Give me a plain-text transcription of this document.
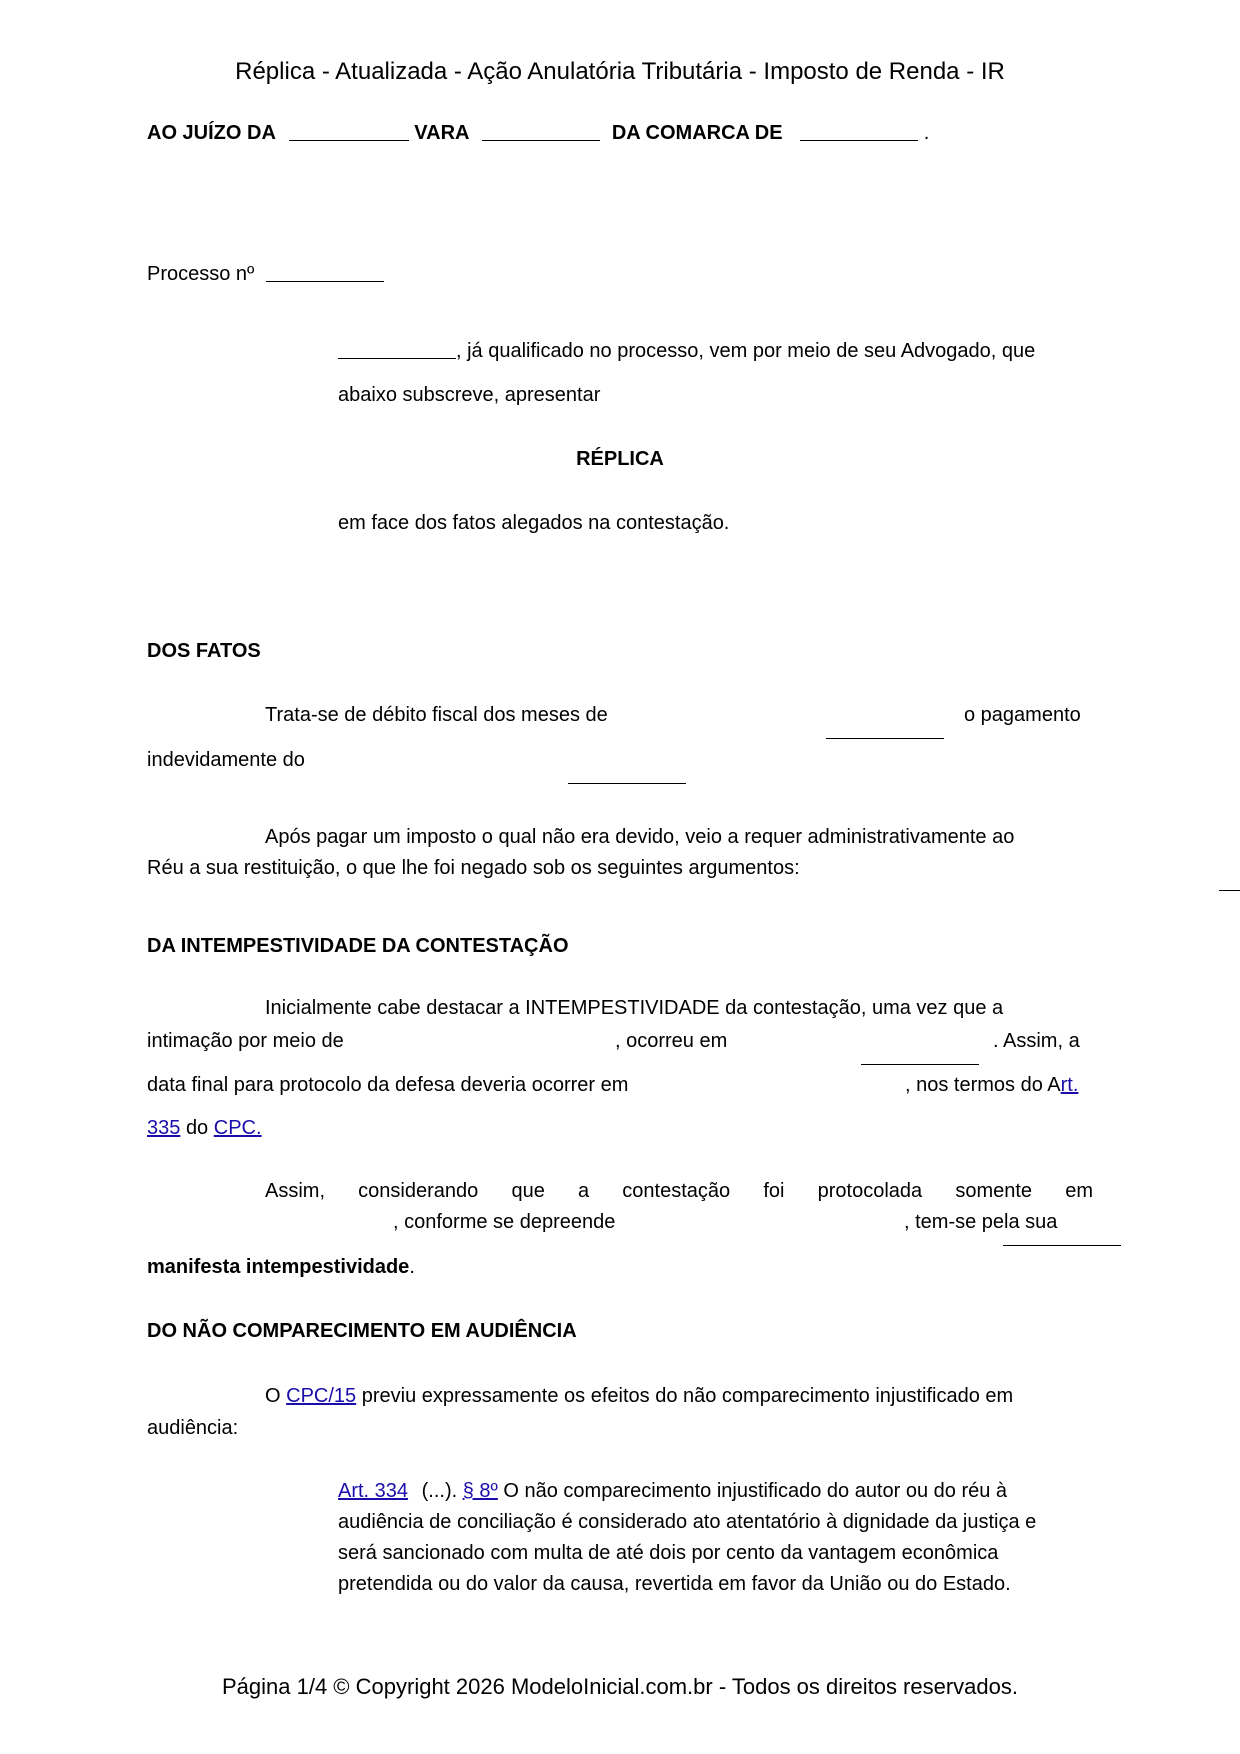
Réplica - Atualizada - Ação Anulatória Tributária - Imposto de Renda - IR
AO JUÍZO DA	VARA	DA COMARCA DE	.
Processo nº
, já qualificado no processo, vem por meio de seu Advogado, que
abaixo subscreve, apresentar
RÉPLICA
em face dos fatos alegados na contestação.
DOS FATOS
Trata-se de débito fiscal dos meses de
	o pagamento
indevidamente do

Após pagar um imposto o qual não era devido, veio a requer administrativamente ao
Réu a sua restituição, o que lhe foi negado sob os seguintes argumentos:

DA INTEMPESTIVIDADE DA CONTESTAÇÃO
Inicialmente cabe destacar a INTEMPESTIVIDADE da contestação, uma vez que a
intimação por meio de
	, ocorreu em
	. Assim, a
data final para protocolo da defesa deveria ocorrer em
	, nos termos do Art.
335 do CPC.
Assim, considerando que a contestação foi protocolada somente em

, conforme se depreende	, tem-se pela sua
manifesta intempestividade.
DO NÃO COMPARECIMENTO EM AUDIÊNCIA
O CPC/15 previu expressamente os efeitos do não comparecimento injustificado em
audiência:
Art. 334 (...). § 8º O não comparecimento injustificado do autor ou do réu à
audiência de conciliação é considerado ato atentatório à dignidade da justiça e
será sancionado com multa de até dois por cento da vantagem econômica
pretendida ou do valor da causa, revertida em favor da União ou do Estado.
Página 1/4 © Copyright 2026 ModeloInicial.com.br - Todos os direitos reservados.
